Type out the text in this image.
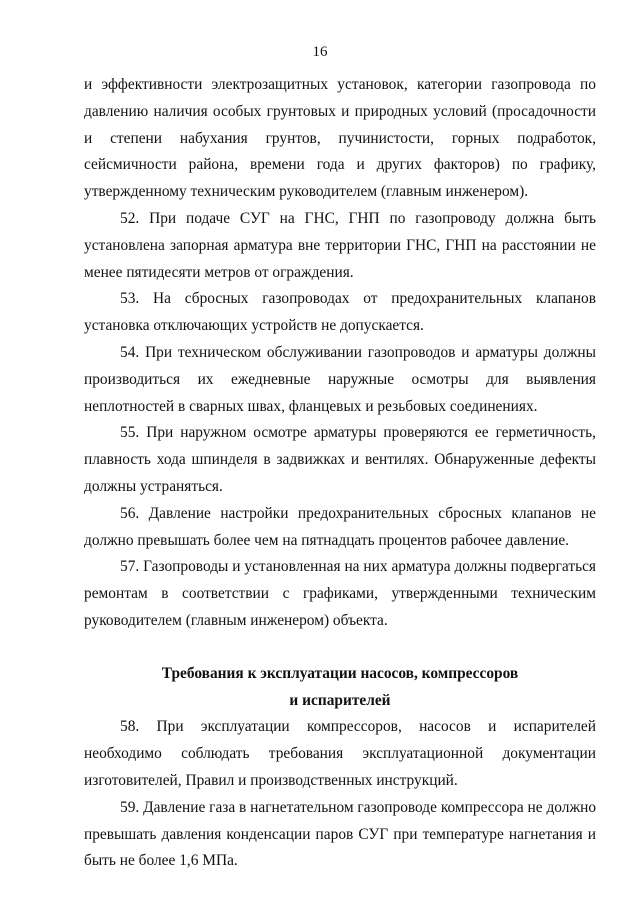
16

и эффективности электрозащитных установок, категории газопровода по давлению наличия особых грунтовых и природных условий (просадочности и степени набухания грунтов, пучинистости, горных подработок, сейсмичности района, времени года и других факторов) по графику, утвержденному техническим руководителем (главным инженером).

52. При подаче СУГ на ГНС, ГНП по газопроводу должна быть установлена запорная арматура вне территории ГНС, ГНП на расстоянии не менее пятидесяти метров от ограждения.

53. На сбросных газопроводах от предохранительных клапанов установка отключающих устройств не допускается.

54. При техническом обслуживании газопроводов и арматуры должны производиться их ежедневные наружные осмотры для выявления неплотностей в сварных швах, фланцевых и резьбовых соединениях.

55. При наружном осмотре арматуры проверяются ее герметичность, плавность хода шпинделя в задвижках и вентилях. Обнаруженные дефекты должны устраняться.

56. Давление настройки предохранительных сбросных клапанов не должно превышать более чем на пятнадцать процентов рабочее давление.

57. Газопроводы и установленная на них арматура должны подвергаться ремонтам в соответствии с графиками, утвержденными техническим руководителем (главным инженером) объекта.

Требования к эксплуатации насосов, компрессоров
и испарителей

58. При эксплуатации компрессоров, насосов и испарителей необходимо соблюдать требования эксплуатационной документации изготовителей, Правил и производственных инструкций.

59. Давление газа в нагнетательном газопроводе компрессора не должно превышать давления конденсации паров СУГ при температуре нагнетания и быть не более 1,6 МПа.
